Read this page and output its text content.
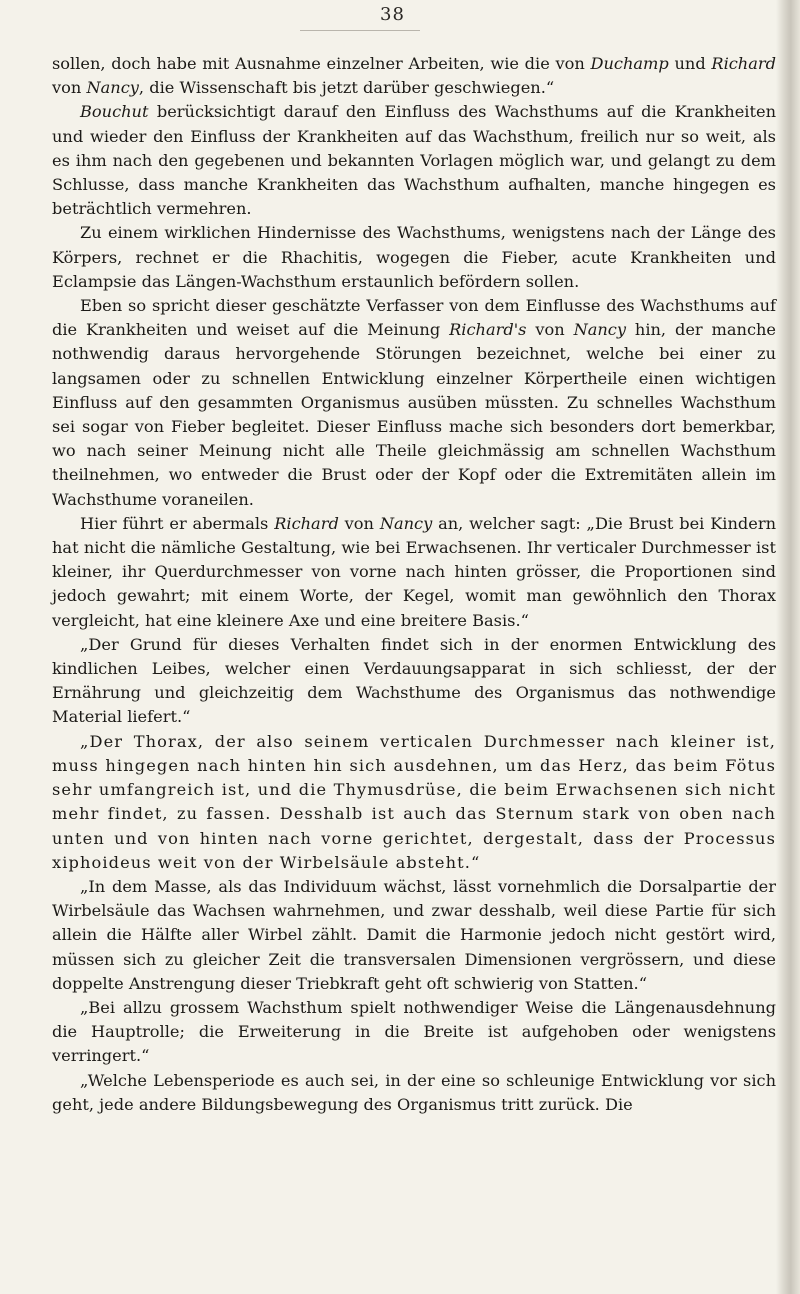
38

sollen, doch habe mit Ausnahme einzelner Arbeiten, wie die von Duchamp und Richard von Nancy, die Wissenschaft bis jetzt darüber geschwiegen.“

Bouchut berücksichtigt darauf den Einfluss des Wachsthums auf die Krankheiten und wieder den Einfluss der Krankheiten auf das Wachsthum, freilich nur so weit, als es ihm nach den gegebenen und bekannten Vorlagen möglich war, und gelangt zu dem Schlusse, dass manche Krankheiten das Wachsthum aufhalten, manche hingegen es beträchtlich vermehren.

Zu einem wirklichen Hindernisse des Wachsthums, wenigstens nach der Länge des Körpers, rechnet er die Rhachitis, wogegen die Fieber, acute Krankheiten und Eclampsie das Längen-Wachsthum erstaunlich befördern sollen.

Eben so spricht dieser geschätzte Verfasser von dem Einflusse des Wachsthums auf die Krankheiten und weiset auf die Meinung Richard's von Nancy hin, der manche nothwendig daraus hervorgehende Störungen bezeichnet, welche bei einer zu langsamen oder zu schnellen Entwicklung einzelner Körpertheile einen wichtigen Einfluss auf den gesammten Organismus ausüben müssten. Zu schnelles Wachsthum sei sogar von Fieber begleitet. Dieser Einfluss mache sich besonders dort bemerkbar, wo nach seiner Meinung nicht alle Theile gleichmässig am schnellen Wachsthum theilnehmen, wo entweder die Brust oder der Kopf oder die Extremitäten allein im Wachsthume voraneilen.

Hier führt er abermals Richard von Nancy an, welcher sagt: „Die Brust bei Kindern hat nicht die nämliche Gestaltung, wie bei Erwachsenen. Ihr verticaler Durchmesser ist kleiner, ihr Querdurchmesser von vorne nach hinten grösser, die Proportionen sind jedoch gewahrt; mit einem Worte, der Kegel, womit man gewöhnlich den Thorax vergleicht, hat eine kleinere Axe und eine breitere Basis.“

„Der Grund für dieses Verhalten findet sich in der enormen Entwicklung des kindlichen Leibes, welcher einen Verdauungsapparat in sich schliesst, der der Ernährung und gleichzeitig dem Wachsthume des Organismus das nothwendige Material liefert.“

„Der Thorax, der also seinem verticalen Durchmesser nach kleiner ist, muss hingegen nach hinten hin sich ausdehnen, um das Herz, das beim Fötus sehr umfangreich ist, und die Thymusdrüse, die beim Erwachsenen sich nicht mehr findet, zu fassen. Desshalb ist auch das Sternum stark von oben nach unten und von hinten nach vorne gerichtet, dergestalt, dass der Processus xiphoideus weit von der Wirbelsäule absteht.“

„In dem Masse, als das Individuum wächst, lässt vornehmlich die Dorsalpartie der Wirbelsäule das Wachsen wahrnehmen, und zwar desshalb, weil diese Partie für sich allein die Hälfte aller Wirbel zählt. Damit die Harmonie jedoch nicht gestört wird, müssen sich zu gleicher Zeit die transversalen Dimensionen vergrössern, und diese doppelte Anstrengung dieser Triebkraft geht oft schwierig von Statten.“

„Bei allzu grossem Wachsthum spielt nothwendiger Weise die Längenausdehnung die Hauptrolle; die Erweiterung in die Breite ist aufgehoben oder wenigstens verringert.“

„Welche Lebensperiode es auch sei, in der eine so schleunige Entwicklung vor sich geht, jede andere Bildungsbewegung des Organismus tritt zurück. Die
